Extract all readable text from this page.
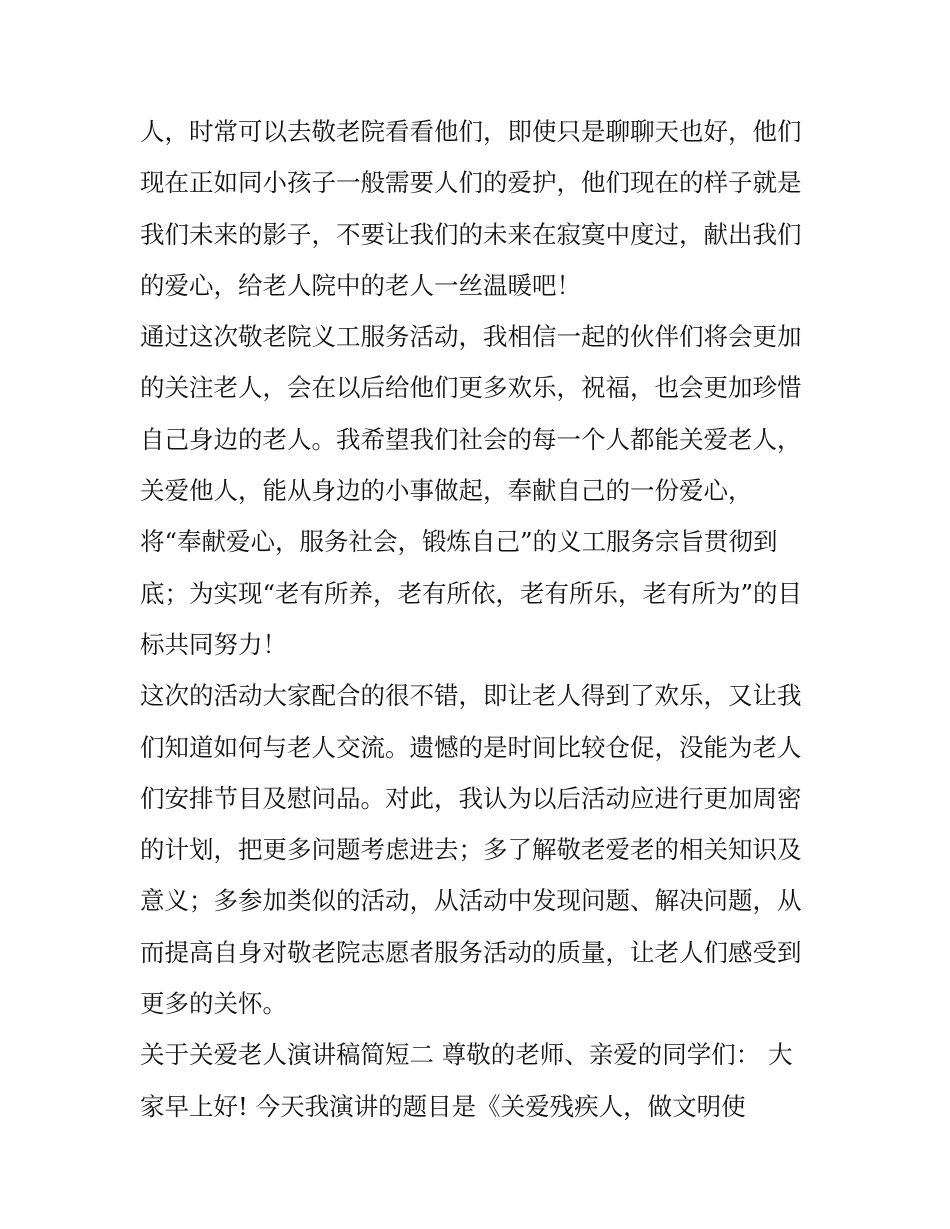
人，时常可以去敬老院看看他们，即使只是聊聊天也好，他们
现在正如同小孩子一般需要人们的爱护，他们现在的样子就是
我们未来的影子，不要让我们的未来在寂寞中度过，献出我们
的爱心，给老人院中的老人一丝温暖吧！
通过这次敬老院义工服务活动，我相信一起的伙伴们将会更加
的关注老人，会在以后给他们更多欢乐，祝福，也会更加珍惜
自己身边的老人。我希望我们社会的每一个人都能关爱老人，
关爱他人，能从身边的小事做起，奉献自己的一份爱心，
将“奉献爱心，服务社会，锻炼自己”的义工服务宗旨贯彻到
底；为实现“老有所养，老有所依，老有所乐，老有所为”的目
标共同努力！
这次的活动大家配合的很不错，即让老人得到了欢乐，又让我
们知道如何与老人交流。遗憾的是时间比较仓促，没能为老人
们安排节目及慰问品。对此，我认为以后活动应进行更加周密
的计划，把更多问题考虑进去；多了解敬老爱老的相关知识及
意义；多参加类似的活动，从活动中发现问题、解决问题，从
而提高自身对敬老院志愿者服务活动的质量，让老人们感受到
更多的关怀。
关于关爱老人演讲稿简短二 尊敬的老师、亲爱的同学们： 大
家早上好! 今天我演讲的题目是《关爱残疾人，做文明使
